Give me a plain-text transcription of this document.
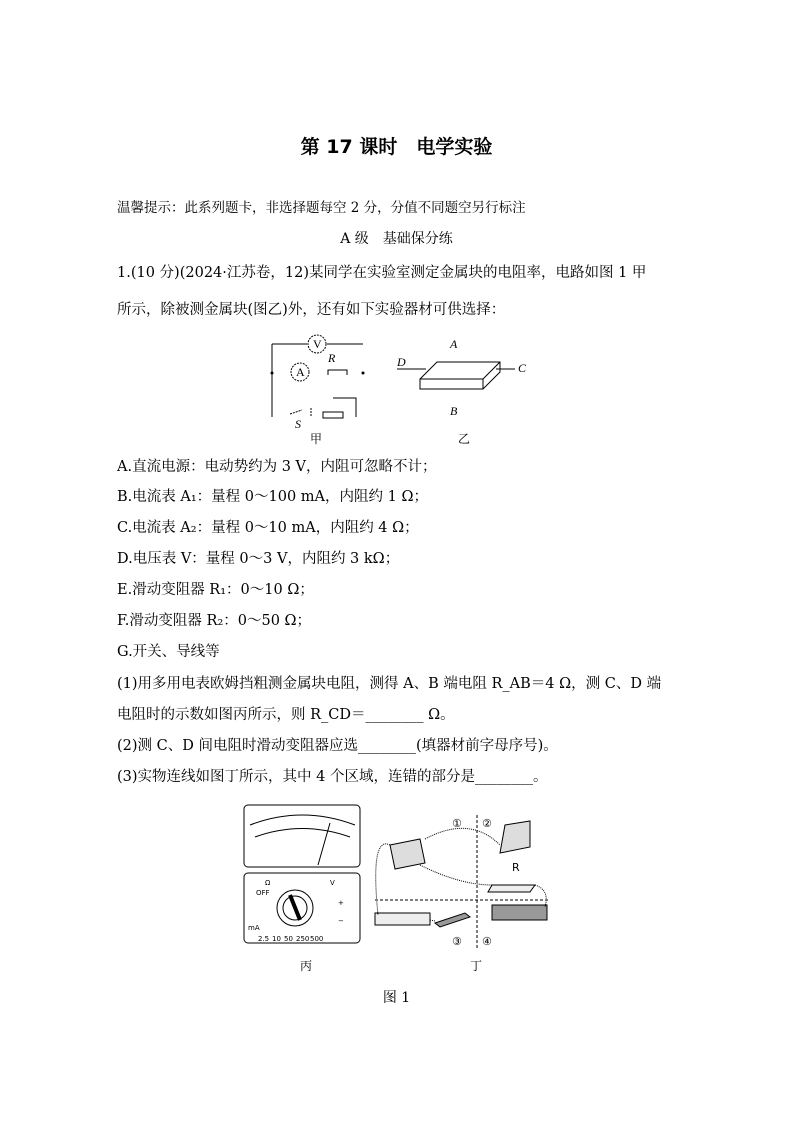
第 17 课时　电学实验
温馨提示：此系列题卡，非选择题每空 2 分，分值不同题空另行标注
A 级　基础保分练
1.(10 分)(2024·江苏卷，12)某同学在实验室测定金属块的电阻率，电路如图 1 甲
所示，除被测金属块(图乙)外，还有如下实验器材可供选择：
V
A
R
S
甲
A
D	C
B
乙
A.直流电源：电动势约为 3 V，内阻可忽略不计；
B.电流表 A₁：量程 0～100 mA，内阻约 1 Ω；
C.电流表 A₂：量程 0～10 mA，内阻约 4 Ω；
D.电压表 V：量程 0～3 V，内阻约 3 kΩ；
E.滑动变阻器 R₁：0～10 Ω；
F.滑动变阻器 R₂：0～50 Ω；
G.开关、导线等
(1)用多用电表欧姆挡粗测金属块电阻，测得 A、B 端电阻 R_AB＝4 Ω，测 C、D 端
电阻时的示数如图丙所示，则 R_CD＝________ Ω。
(2)测 C、D 间电阻时滑动变阻器应选________(填器材前字母序号)。
(3)实物连线如图丁所示，其中 4 个区域，连错的部分是________。
Ω
OFF
V
+
−
2.5 10 50 250 500
mA
丙
① ②
③ ④
R
丁
图 1
